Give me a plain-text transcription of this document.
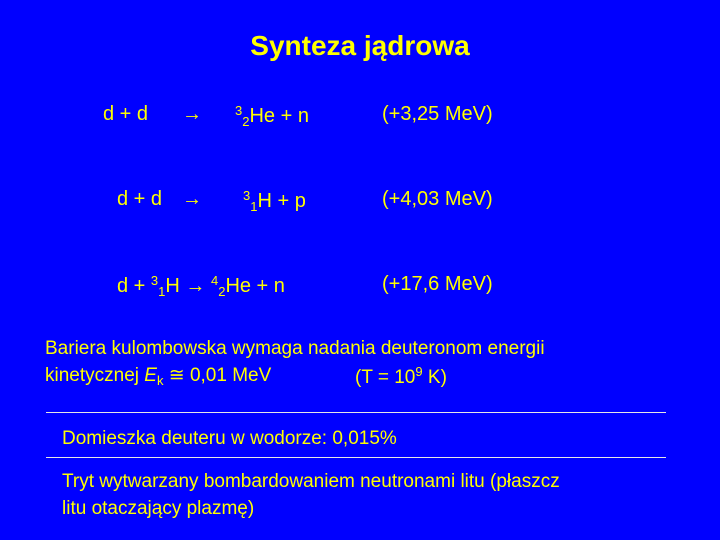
Synteza jądrowa
d + d →	$^3_2$He + n	(+3,25 MeV)
d + d →	$^3_1$H + p	(+4,03 MeV)
d + $^3_1$H → $^4_2$He + n	(+17,6 MeV)
Bariera kulombowska wymaga nadania deuteronom energii
kinetycznej $E_k$ ≅ 0,01 MeV	($T = 10^9$ K)
Domieszka deuteru w wodorze: 0,015%
Tryt wytwarzany bombardowaniem neutronami litu (płaszcz
litu otaczający plazmę)
